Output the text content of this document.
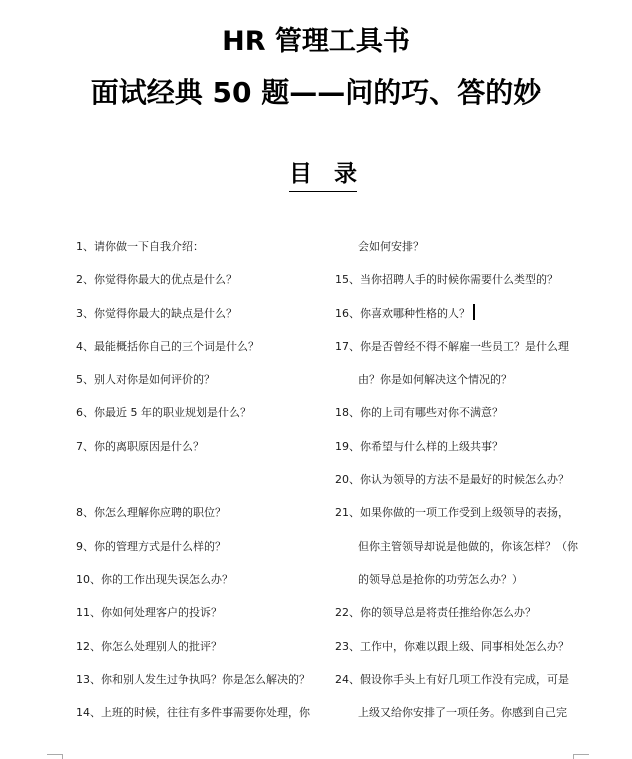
HR 管理工具书
面试经典 50 题——问的巧、答的妙
目 录
1、请你做一下自我介绍：
2、你觉得你最大的优点是什么？
3、你觉得你最大的缺点是什么？
4、最能概括你自己的三个词是什么？
5、别人对你是如何评价的？
6、你最近 5 年的职业规划是什么？
7、你的离职原因是什么？
8、你怎么理解你应聘的职位？
9、你的管理方式是什么样的？
10、你的工作出现失误怎么办？
11、你如何处理客户的投诉？
12、你怎么处理别人的批评？
13、你和别人发生过争执吗？你是怎么解决的？
14、上班的时候，往往有多件事需要你处理，你
会如何安排？
15、当你招聘人手的时候你需要什么类型的？
16、你喜欢哪种性格的人？
17、你是否曾经不得不解雇一些员工？是什么理
由？你是如何解决这个情况的？
18、你的上司有哪些对你不满意？
19、你希望与什么样的上级共事？
20、你认为领导的方法不是最好的时候怎么办？
21、如果你做的一项工作受到上级领导的表扬，
但你主管领导却说是他做的，你该怎样？（你
的领导总是抢你的功劳怎么办？）
22、你的领导总是将责任推给你怎么办？
23、工作中，你难以跟上级、同事相处怎么办？
24、假设你手头上有好几项工作没有完成，可是
上级又给你安排了一项任务。你感到自己完
